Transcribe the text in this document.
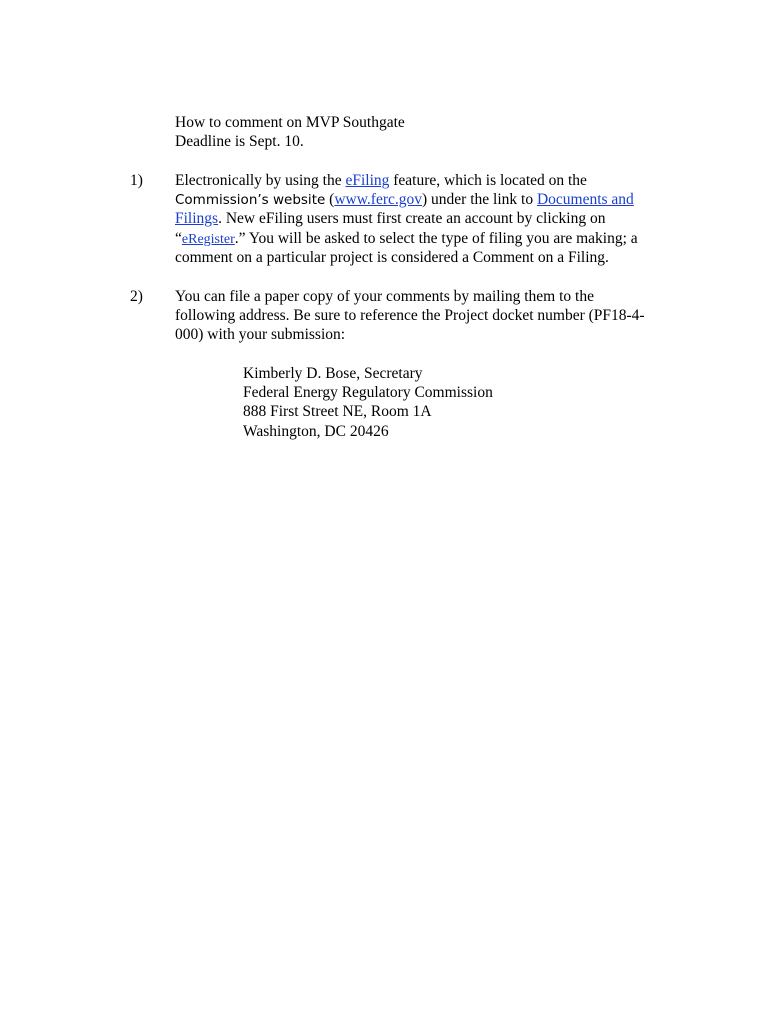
How to comment on MVP Southgate
Deadline is Sept. 10.
1) Electronically by using the eFiling feature, which is located on the
Commission’s website (www.ferc.gov) under the link to Documents and
Filings. New eFiling users must first create an account by clicking on
“eRegister.” You will be asked to select the type of filing you are making; a
comment on a particular project is considered a Comment on a Filing.
2) You can file a paper copy of your comments by mailing them to the
following address. Be sure to reference the Project docket number (PF18-4-
000) with your submission:
Kimberly D. Bose, Secretary
Federal Energy Regulatory Commission
888 First Street NE, Room 1A
Washington, DC 20426
